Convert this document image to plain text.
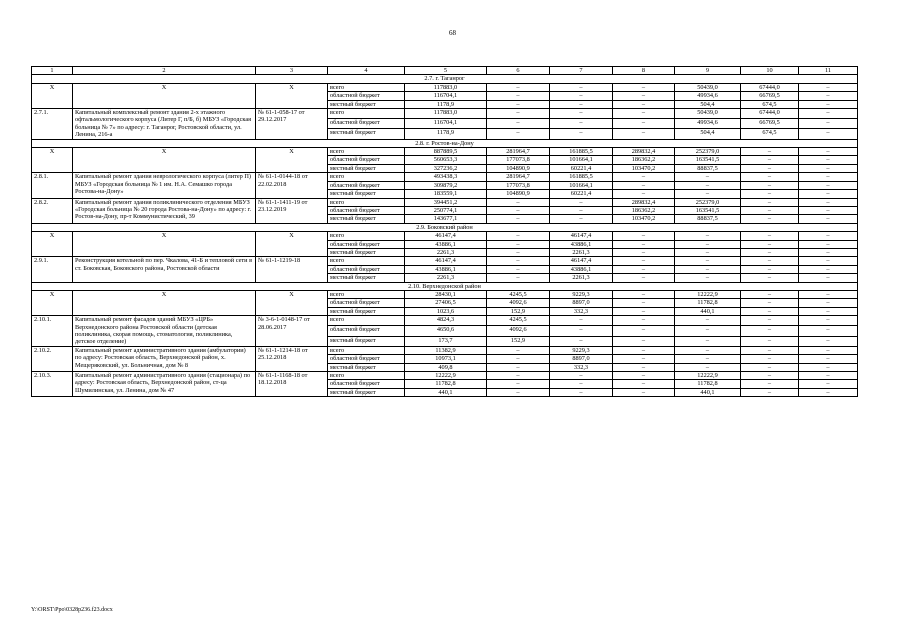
68
1	2	3	4	5	6	7	8	9	10	11
2.7. г. Таганрог										
X	X	X	всего	117883,0	–	–	–	50439,0	67444,0	–
			областной бюджет	116704,1	–	–	–	49934,6	66769,5	–
			местный бюджет	1178,9	–	–	–	504,4	674,5	–
2.7.1.	Капитальный комплексный ремонт здания 2-х этажного офтальмологического корпуса (Литер Г, п/Б, б) МБУЗ «Городская больница № 7» по адресу: г. Таганрог, Ростовской области, ул. Ленина, 216-а	№ 61-1-058-17 от 29.12.2017	всего	117883,0	–	–	–	50439,0	67444,0	–
			областной бюджет	116704,1	–	–	–	49934,6	66769,5	–
			местный бюджет	1178,9	–	–	–	504,4	674,5	–
2.8. г. Ростов-на-Дону										
X	X	X	всего	887889,5	281964,7	161885,5	289832,4	252379,0	–	–
			областной бюджет	560653,3	177073,8	101664,1	186362,2	163541,5	–	–
			местный бюджет	327236,2	104890,9	60221,4	103470,2	88837,5	–	–
2.8.1.	Капитальный ремонт здания неврологического корпуса (литер П) МБУЗ «Городская больница № 1 им. Н.А. Семашко города Ростова-на-Дону»	№ 61-1-0144-18 от 22.02.2018	всего	493438,3	281964,7	161885,5	–	–	–	–
			областной бюджет	309879,2	177073,8	101664,1	–	–	–	–
			местный бюджет	183559,1	104890,9	60221,4	–	–	–	–
2.8.2.	Капитальный ремонт здания поликлинического отделения МБУЗ «Городская больница № 20 города Ростова-на-Дону» по адресу: г. Ростов-на-Дону, пр-т Коммунистический, 39	№ 61-1-1411-19 от 23.12.2019	всего	394451,2	–	–	289832,4	252379,0	–	–
			областной бюджет	250774,1	–	–	186362,2	163541,5	–	–
			местный бюджет	143677,1	–	–	103470,2	88837,5	–	–
2.9. Боковский район										
X	X	X	всего	46147,4	–	46147,4	–	–	–	–
			областной бюджет	43886,1	–	43886,1	–	–	–	–
			местный бюджет	2261,3	–	2261,3	–	–	–	–
2.9.1.	Реконструкция котельной по пер. Чкалова, 41-Б и тепловой сети в ст. Боковская, Боковского района, Ростовской области	№ 61-1-1219-18	всего	46147,4	–	46147,4	–	–	–	–
			областной бюджет	43886,1	–	43886,1	–	–	–	–
			местный бюджет	2261,3	–	2261,3	–	–	–	–
2.10. Верхнедонской район										
X	X	X	всего	28430,1	4245,5	9229,3	–	12222,9	–	–
			областной бюджет	27406,5	4092,6	8897,0	–	11782,8	–	–
			местный бюджет	1023,6	152,9	332,3	–	440,1	–	–
2.10.1.	Капитальный ремонт фасадов зданий МБУЗ «ЦРБ» Верхнедонского района Ростовской области (детская поликлиника, скорая помощь, стоматология, поликлиника, детское отделение)	№ 3-6-1-0148-17 от 28.06.2017	всего	4824,3	4245,5	–	–	–	–	–
			областной бюджет	4650,6	4092,6	–	–	–	–	–
			местный бюджет	173,7	152,9	–	–	–	–	–
2.10.2.	Капитальный ремонт административного здания (амбулатории) по адресу: Ростовская область, Верхнедонской район, х. Мещеряковский, ул. Больничная, дом № 8	№ 61-1-1214-18 от 25.12.2018	всего	11382,9	–	9229,3	–	–	–	–
			областной бюджет	10973,1	–	8897,0	–	–	–	–
			местный бюджет	409,8	–	332,3	–	–	–	–
2.10.3.	Капитальный ремонт административного здания (стационара) по адресу: Ростовская область, Верхнедонской район, ст-ца Шумилинская, ул. Ленина, дом № 47	№ 61-1-1168-18 от 18.12.2018	всего	12222,9	–	–	–	12222,9	–	–
			областной бюджет	11782,8	–	–	–	11782,8	–	–
			местный бюджет	440,1	–	–	–	440,1	–	–
Y:\ORST\Ppo\0328p236.f23.docx
